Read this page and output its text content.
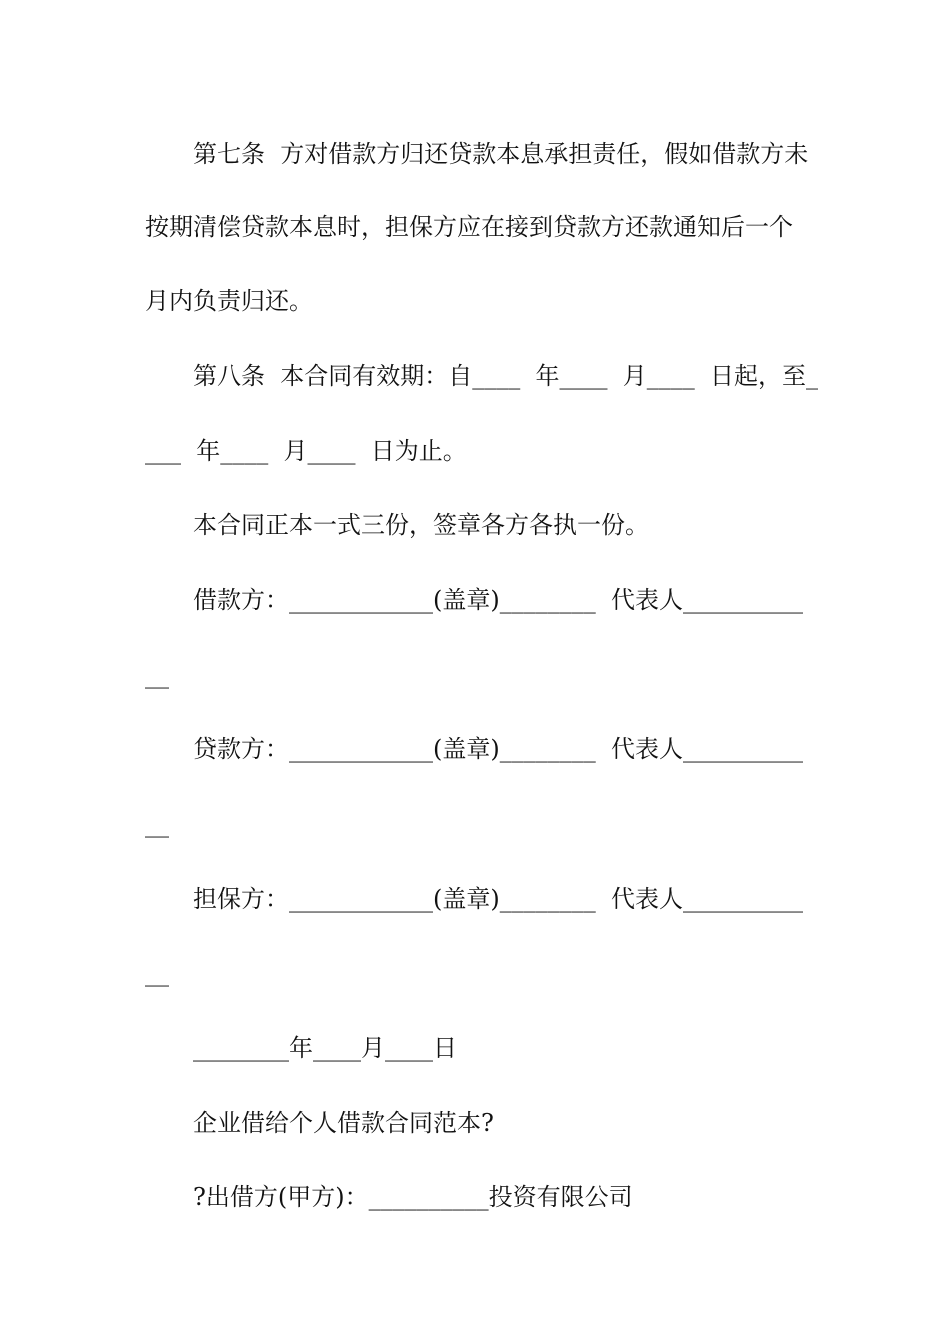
第七条  方对借款方归还贷款本息承担责任，假如借款方未
按期清偿贷款本息时，担保方应在接到贷款方还款通知后一个
月内负责归还。
第八条  本合同有效期：自____  年____  月____  日起，至_
___  年____  月____  日为止。
本合同正本一式三份，签章各方各执一份。
借款方：____________(盖章)________  代表人__________
__
贷款方：____________(盖章)________  代表人__________
__
担保方：____________(盖章)________  代表人__________
__
________年____月____日
企业借给个人借款合同范本?
?出借方(甲方)：__________投资有限公司
